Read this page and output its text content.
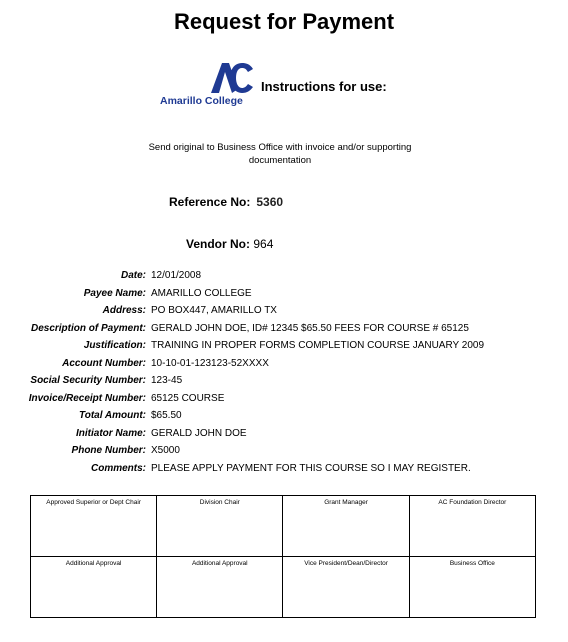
Request for Payment
Amarillo College
Instructions for use:
Send original to Business Office with invoice and/or supporting documentation
Reference No: 5360
Vendor No: 964
Date: 12/01/2008
Payee Name: AMARILLO COLLEGE
Address: PO BOX447, AMARILLO TX
Description of Payment: GERALD JOHN DOE, ID# 12345 $65.50 FEES FOR COURSE # 65125
Justification: TRAINING IN PROPER FORMS COMPLETION COURSE JANUARY 2009
Account Number: 10-10-01-123123-52XXXX
Social Security Number: 123-45
Invoice/Receipt Number: 65125 COURSE
Total Amount: $65.50
Initiator Name: GERALD JOHN DOE
Phone Number: X5000
Comments: PLEASE APPLY PAYMENT FOR THIS COURSE SO I MAY REGISTER.
Approved Superior or Dept Chair	Division Chair	Grant Manager	AC Foundation Director
Additional Approval	Additional Approval	Vice President/Dean/Director	Business Office
